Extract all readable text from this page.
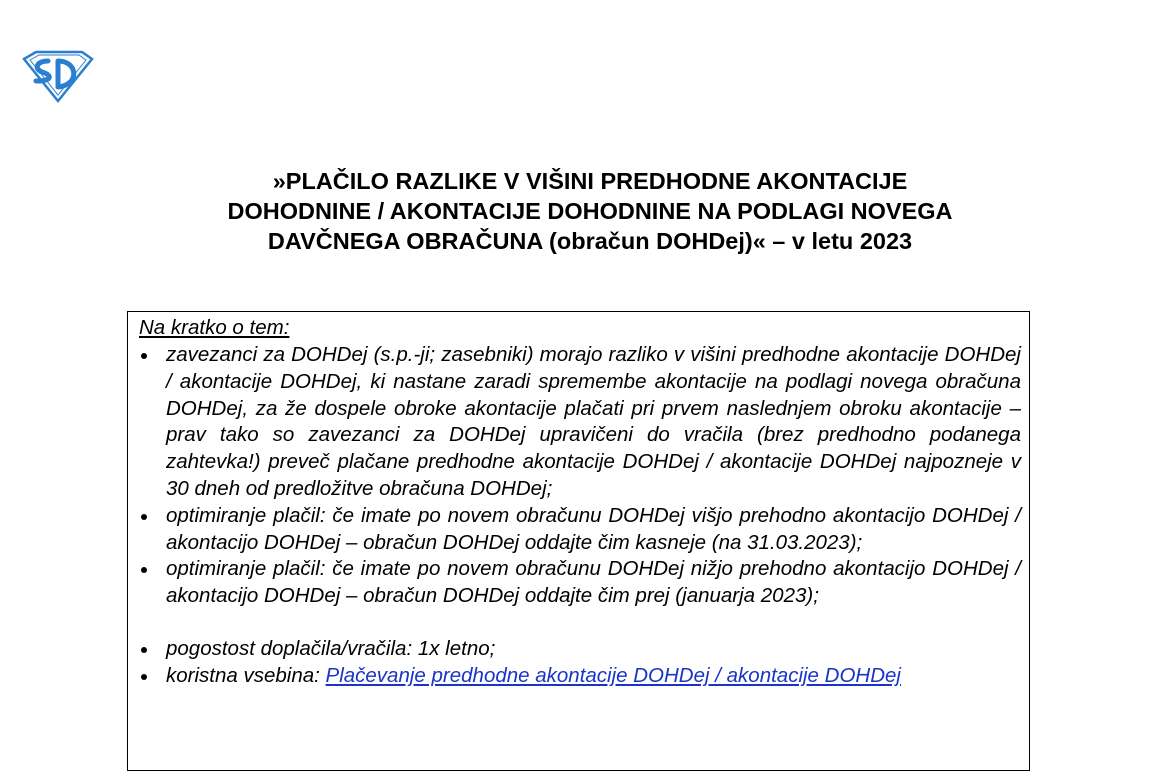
»PLAČILO RAZLIKE V VIŠINI PREDHODNE AKONTACIJE
DOHODNINE / AKONTACIJE DOHODNINE NA PODLAGI NOVEGA
DAVČNEGA OBRAČUNA (obračun DOHDej)« – v letu 2023
Na kratko o tem:
zavezanci za DOHDej (s.p.-ji; zasebniki) morajo razliko v višini predhodne akontacije DOHDej / akontacije DOHDej, ki nastane zaradi spremembe akontacije na podlagi novega obračuna DOHDej, za že dospele obroke akontacije plačati pri prvem naslednjem obroku akontacije – prav tako so zavezanci za DOHDej upravičeni do vračila (brez predhodno podanega zahtevka!) preveč plačane predhodne akontacije DOHDej / akontacije DOHDej najpozneje v 30 dneh od predložitve obračuna DOHDej;
optimiranje plačil: če imate po novem obračunu DOHDej višjo prehodno akontacijo DOHDej / akontacijo DOHDej – obračun DOHDej oddajte čim kasneje (na 31.03.2023);
optimiranje plačil: če imate po novem obračunu DOHDej nižjo prehodno akontacijo DOHDej / akontacijo DOHDej – obračun DOHDej oddajte čim prej (januarja 2023);
pogostost doplačila/vračila: 1x letno;
koristna vsebina: Plačevanje predhodne akontacije DOHDej / akontacije DOHDej
